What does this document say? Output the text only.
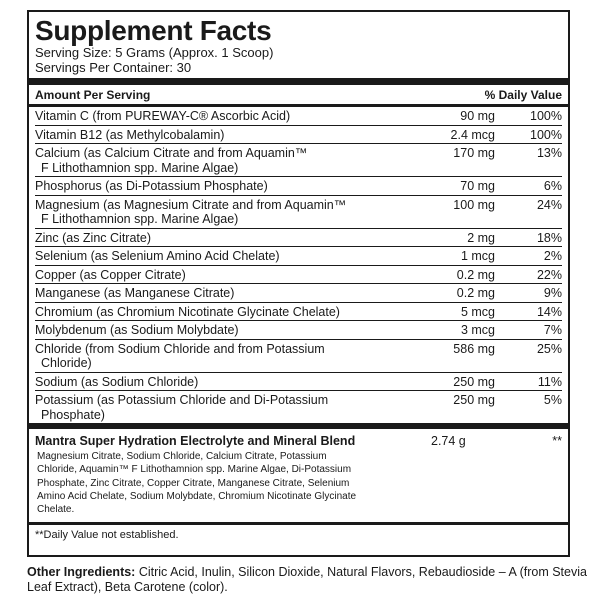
Supplement Facts
Serving Size: 5 Grams (Approx. 1 Scoop)
Servings Per Container: 30
Amount Per Serving	% Daily Value
Vitamin C (from PUREWAY-C® Ascorbic Acid)	90 mg	100%
Vitamin B12 (as Methylcobalamin)	2.4 mcg	100%
Calcium (as Calcium Citrate and from Aquamin™
F Lithothamnion spp. Marine Algae)
170 mg	13%
Phosphorus (as Di-Potassium Phosphate)	70 mg	6%
Magnesium (as Magnesium Citrate and from Aquamin™
F Lithothamnion spp. Marine Algae)
100 mg	24%
Zinc (as Zinc Citrate)	2 mg	18%
Selenium (as Selenium Amino Acid Chelate)	1 mcg	2%
Copper (as Copper Citrate)	0.2 mg	22%
Manganese (as Manganese Citrate)	0.2 mg	9%
Chromium (as Chromium Nicotinate Glycinate Chelate)	5 mcg	14%
Molybdenum (as Sodium Molybdate)	3 mcg	7%
Chloride (from Sodium Chloride and from Potassium
Chloride)
586 mg	25%
Sodium (as Sodium Chloride)	250 mg	11%
Potassium (as Potassium Chloride and Di-Potassium
Phosphate)
250 mg	5%
Mantra Super Hydration Electrolyte and Mineral Blend	2.74 g	**
Magnesium Citrate, Sodium Chloride, Calcium Citrate, Potassium Chloride, Aquamin™ F Lithothamnion spp. Marine Algae, Di-Potassium Phosphate, Zinc Citrate, Copper Citrate, Manganese Citrate, Selenium Amino Acid Chelate, Sodium Molybdate, Chromium Nicotinate Glycinate Chelate.
**Daily Value not established.
Other Ingredients: Citric Acid, Inulin, Silicon Dioxide, Natural Flavors, Rebaudioside – A (from Stevia Leaf Extract), Beta Carotene (color).
